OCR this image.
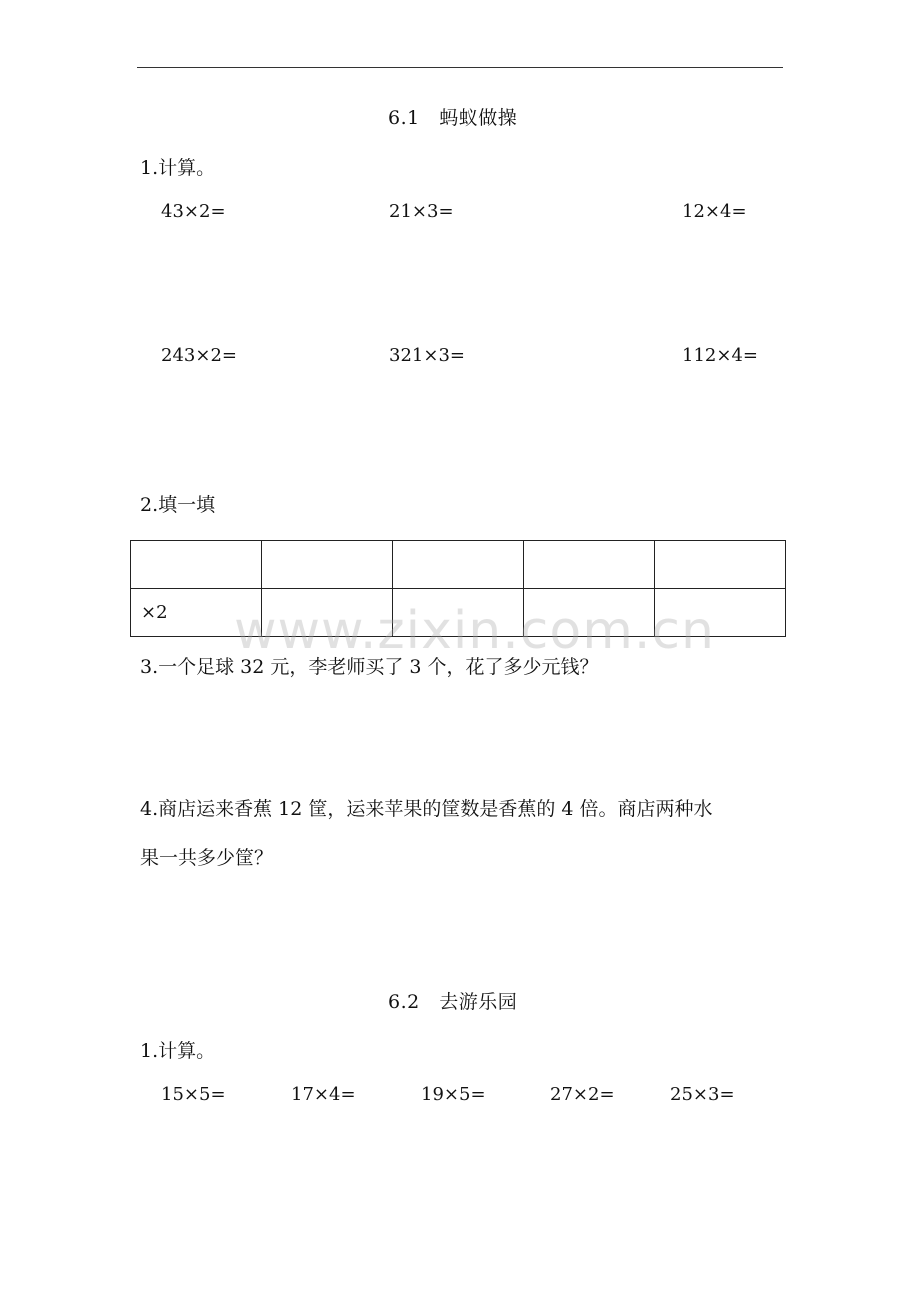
6.1　蚂蚁做操
1.计算。
43×2=	21×3=	12×4=
243×2=	321×3=	112×4=
2.填一填

×2				www.zixin.com.cn
3.一个足球 32 元，李老师买了 3 个，花了多少元钱？
4.商店运来香蕉 12 筐，运来苹果的筐数是香蕉的 4 倍。商店两种水
果一共多少筐？
6.2　去游乐园
1.计算。
15×5=	17×4=	19×5=	27×2=	25×3=
